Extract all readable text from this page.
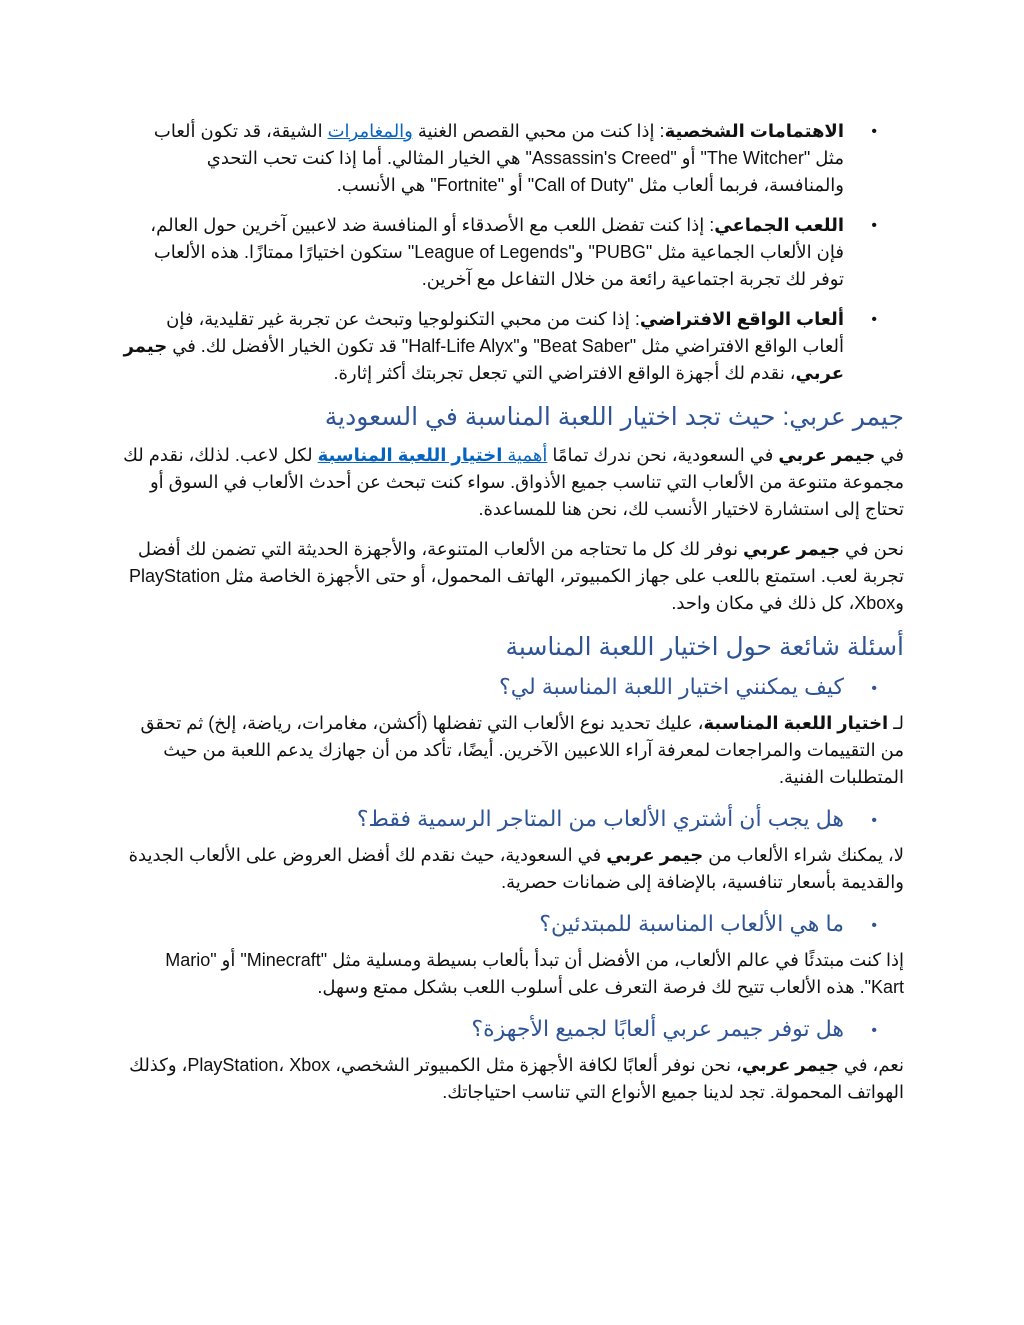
• الاهتمامات الشخصية: إذا كنت من محبي القصص الغنية والمغامرات الشيقة، قد تكون ألعاب مثل "The Witcher" أو "Assassin's Creed" هي الخيار المثالي. أما إذا كنت تحب التحدي والمنافسة، فربما ألعاب مثل "Call of Duty" أو "Fortnite" هي الأنسب.
• اللعب الجماعي: إذا كنت تفضل اللعب مع الأصدقاء أو المنافسة ضد لاعبين آخرين حول العالم، فإن الألعاب الجماعية مثل "PUBG" و"League of Legends" ستكون اختيارًا ممتازًا. هذه الألعاب توفر لك تجربة اجتماعية رائعة من خلال التفاعل مع آخرين.
• ألعاب الواقع الافتراضي: إذا كنت من محبي التكنولوجيا وتبحث عن تجربة غير تقليدية، فإن ألعاب الواقع الافتراضي مثل "Beat Saber" و"Half-Life Alyx" قد تكون الخيار الأفضل لك. في جيمر عربي، نقدم لك أجهزة الواقع الافتراضي التي تجعل تجربتك أكثر إثارة.
جيمر عربي: حيث تجد اختيار اللعبة المناسبة في السعودية

في جيمر عربي في السعودية، نحن ندرك تمامًا أهمية اختيار اللعبة المناسبة لكل لاعب. لذلك، نقدم لك مجموعة متنوعة من الألعاب التي تناسب جميع الأذواق. سواء كنت تبحث عن أحدث الألعاب في السوق أو تحتاج إلى استشارة لاختيار الأنسب لك، نحن هنا للمساعدة.

نحن في جيمر عربي نوفر لك كل ما تحتاجه من الألعاب المتنوعة، والأجهزة الحديثة التي تضمن لك أفضل تجربة لعب. استمتع باللعب على جهاز الكمبيوتر، الهاتف المحمول، أو حتى الأجهزة الخاصة مثل PlayStation وXbox، كل ذلك في مكان واحد.

أسئلة شائعة حول اختيار اللعبة المناسبة
• كيف يمكنني اختيار اللعبة المناسبة لي؟

لـ اختيار اللعبة المناسبة، عليك تحديد نوع الألعاب التي تفضلها (أكشن، مغامرات، رياضة، إلخ) ثم تحقق من التقييمات والمراجعات لمعرفة آراء اللاعبين الآخرين. أيضًا، تأكد من أن جهازك يدعم اللعبة من حيث المتطلبات الفنية.

• هل يجب أن أشتري الألعاب من المتاجر الرسمية فقط؟

لا، يمكنك شراء الألعاب من جيمر عربي في السعودية، حيث نقدم لك أفضل العروض على الألعاب الجديدة والقديمة بأسعار تنافسية، بالإضافة إلى ضمانات حصرية.

• ما هي الألعاب المناسبة للمبتدئين؟

إذا كنت مبتدئًا في عالم الألعاب، من الأفضل أن تبدأ بألعاب بسيطة ومسلية مثل "Minecraft" أو "Mario Kart". هذه الألعاب تتيح لك فرصة التعرف على أسلوب اللعب بشكل ممتع وسهل.

• هل توفر جيمر عربي ألعابًا لجميع الأجهزة؟

نعم، في جيمر عربي، نحن نوفر ألعابًا لكافة الأجهزة مثل الكمبيوتر الشخصي، PlayStation، Xbox، وكذلك الهواتف المحمولة. تجد لدينا جميع الأنواع التي تناسب احتياجاتك.
